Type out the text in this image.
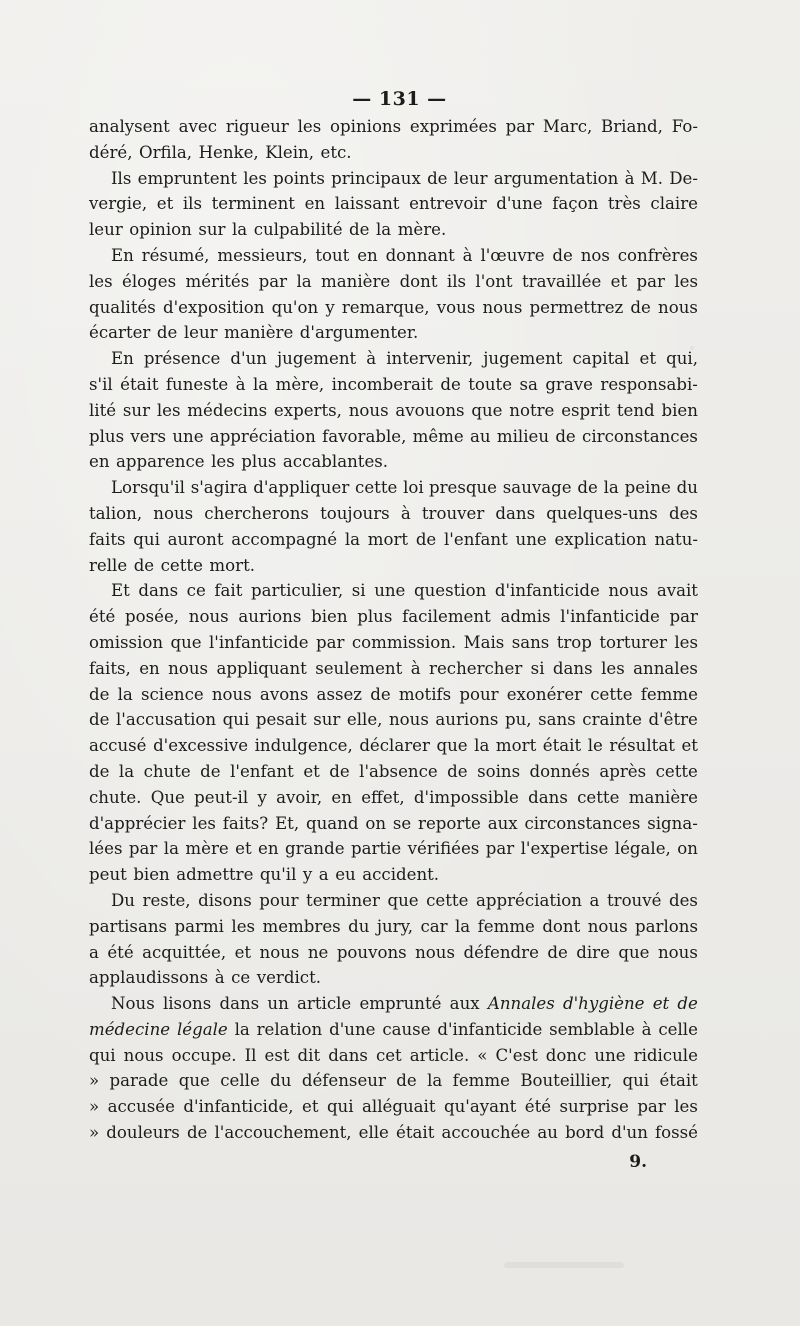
— 131 —
analysent avec rigueur les opinions exprimées par Marc, Briand, Fo-
déré, Orfila, Henke, Klein, etc.
Ils empruntent les points principaux de leur argumentation à M. De-
vergie, et ils terminent en laissant entrevoir d'une façon très claire
leur opinion sur la culpabilité de la mère.
En résumé, messieurs, tout en donnant à l'œuvre de nos confrères
les éloges mérités par la manière dont ils l'ont travaillée et par les
qualités d'exposition qu'on y remarque, vous nous permettrez de nous
écarter de leur manière d'argumenter.
En présence d'un jugement à intervenir, jugement capital et qui,
s'il était funeste à la mère, incomberait de toute sa grave responsabi-
lité sur les médecins experts, nous avouons que notre esprit tend bien
plus vers une appréciation favorable, même au milieu de circonstances
en apparence les plus accablantes.
Lorsqu'il s'agira d'appliquer cette loi presque sauvage de la peine du
talion, nous chercherons toujours à trouver dans quelques-uns des
faits qui auront accompagné la mort de l'enfant une explication natu-
relle de cette mort.
Et dans ce fait particulier, si une question d'infanticide nous avait
été posée, nous aurions bien plus facilement admis l'infanticide par
omission que l'infanticide par commission. Mais sans trop torturer les
faits, en nous appliquant seulement à rechercher si dans les annales
de la science nous avons assez de motifs pour exonérer cette femme
de l'accusation qui pesait sur elle, nous aurions pu, sans crainte d'être
accusé d'excessive indulgence, déclarer que la mort était le résultat et
de la chute de l'enfant et de l'absence de soins donnés après cette
chute. Que peut-il y avoir, en effet, d'impossible dans cette manière
d'apprécier les faits? Et, quand on se reporte aux circonstances signa-
lées par la mère et en grande partie vérifiées par l'expertise légale, on
peut bien admettre qu'il y a eu accident.
Du reste, disons pour terminer que cette appréciation a trouvé des
partisans parmi les membres du jury, car la femme dont nous parlons
a été acquittée, et nous ne pouvons nous défendre de dire que nous
applaudissons à ce verdict.
Nous lisons dans un article emprunté aux Annales d'hygiène et de
médecine légale la relation d'une cause d'infanticide semblable à celle
qui nous occupe. Il est dit dans cet article. « C'est donc une ridicule
» parade que celle du défenseur de la femme Bouteillier, qui était
» accusée d'infanticide, et qui alléguait qu'ayant été surprise par les
» douleurs de l'accouchement, elle était accouchée au bord d'un fossé
9.
